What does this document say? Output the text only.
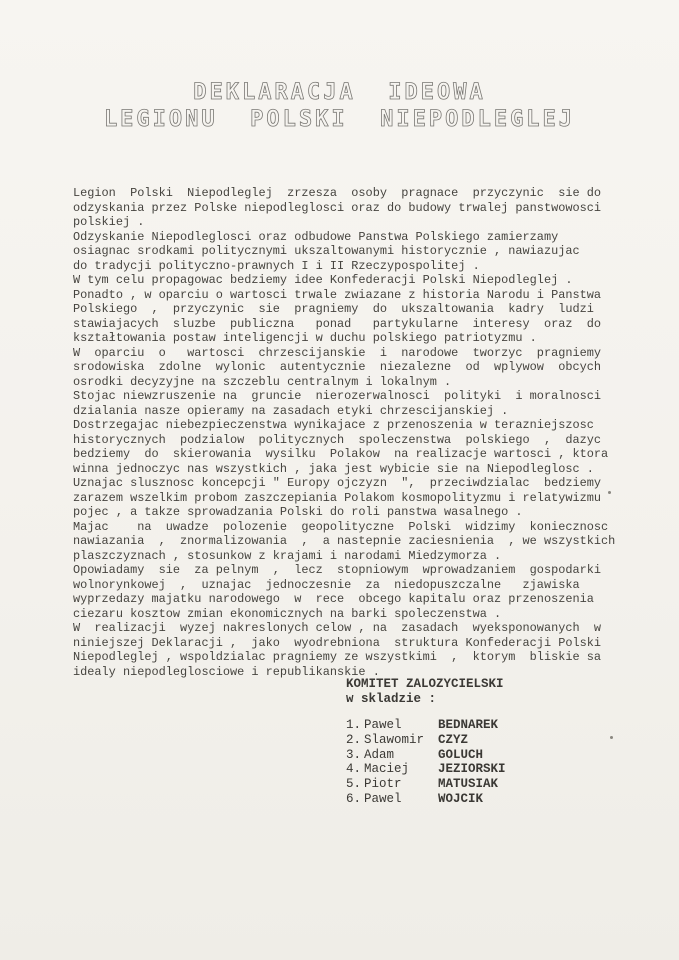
DEKLARACJA  IDEOWA
LEGIONU  POLSKI  NIEPODLEGLEJ
Legion  Polski  Niepodleglej  zrzesza  osoby  pragnace  przyczynic  sie do
odzyskania przez Polske niepodleglosci oraz do budowy trwalej panstwowosci
polskiej .
Odzyskanie Niepodleglosci oraz odbudowe Panstwa Polskiego zamierzamy
osiagnac srodkami politycznymi ukszaltowanymi historycznie , nawiazujac
do tradycji polityczno-prawnych I i II Rzeczypospolitej .
W tym celu propagowac bedziemy idee Konfederacji Polski Niepodleglej .
Ponadto , w oparciu o wartosci trwale zwiazane z historia Narodu i Panstwa
Polskiego  ,  przyczynic  sie  pragniemy  do  ukszaltowania  kadry  ludzi
stawiajacych  sluzbe  publiczna   ponad   partykularne  interesy  oraz  do
kształtowania postaw inteligencji w duchu polskiego patriotyzmu .
W  oparciu  o   wartosci  chrzescijanskie  i  narodowe  tworzyc  pragniemy
srodowiska  zdolne  wylonic  autentycznie  niezalezne  od  wplywow  obcych
osrodki decyzyjne na szczeblu centralnym i lokalnym .
Stojac niewzruszenie na  gruncie  nierozerwalnosci  polityki  i moralnosci
dzialania nasze opieramy na zasadach etyki chrzescijanskiej .
Dostrzegajac niebezpieczenstwa wynikajace z przenoszenia w terazniejszosc
historycznych  podzialow  politycznych  spoleczenstwa  polskiego  ,  dazyc
bedziemy  do  skierowania  wysilku  Polakow  na realizacje wartosci , ktora
winna jednoczyc nas wszystkich , jaka jest wybicie sie na Niepodleglosc .
Uznajac slusznosc koncepcji " Europy ojczyzn  ",  przeciwdzialac  bedziemy
zarazem wszelkim probom zaszczepiania Polakom kosmopolityzmu i relatywizmu
pojec , a takze sprowadzania Polski do roli panstwa wasalnego .
Majac    na  uwadze  polozenie  geopolityczne  Polski  widzimy  koniecznosc
nawiazania  ,  znormalizowania  ,  a nastepnie zaciesnienia  , we wszystkich
plaszczyznach , stosunkow z krajami i narodami Miedzymorza .
Opowiadamy  sie  za pelnym  ,  lecz  stopniowym  wprowadzaniem  gospodarki
wolnorynkowej  ,  uznajac  jednoczesnie  za  niedopuszczalne   zjawiska
wyprzedazy majatku narodowego  w  rece  obcego kapitalu oraz przenoszenia
ciezaru kosztow zmian ekonomicznych na barki spoleczenstwa .
W  realizacji  wyzej nakreslonych celow , na  zasadach  wyeksponowanych  w
niniejszej Deklaracji ,  jako  wyodrebniona  struktura Konfederacji Polski
Niepodleglej , wspoldzialac pragniemy ze wszystkimi  ,  ktorym  bliskie sa
idealy niepodleglosciowe i republikanskie .
KOMITET ZALOZYCIELSKI
w skladzie :
1. Pawel	BEDNAREK
2. Slawomir	CZYZ
3. Adam	GOLUCH
4. Maciej	JEZIORSKI
5. Piotr	MATUSIAK
6. Pawel	WOJCIK
